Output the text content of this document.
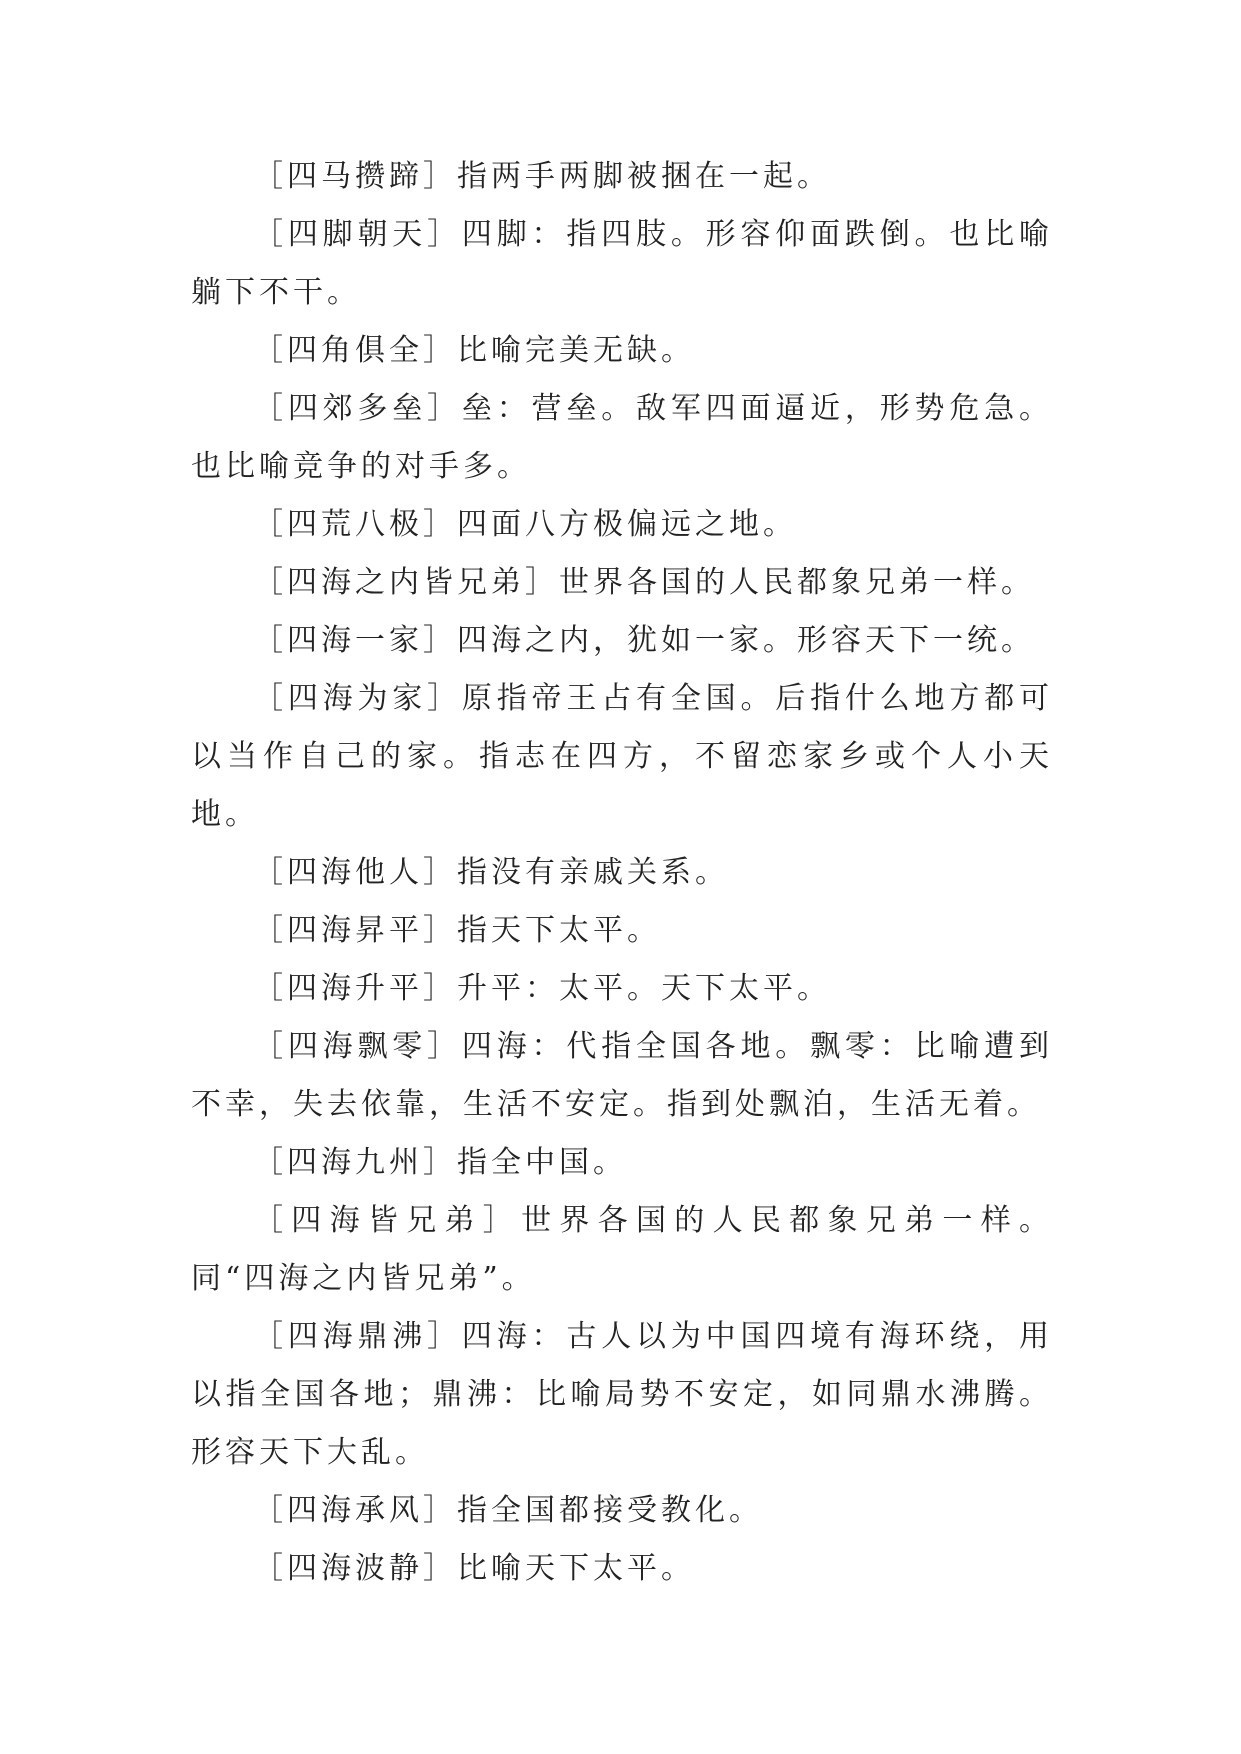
［四马攒蹄］指两手两脚被捆在一起。

［四脚朝天］四脚：指四肢。形容仰面跌倒。也比喻躺下不干。

［四角俱全］比喻完美无缺。

［四郊多垒］垒：营垒。敌军四面逼近，形势危急。也比喻竞争的对手多。

［四荒八极］四面八方极偏远之地。

［四海之内皆兄弟］世界各国的人民都象兄弟一样。

［四海一家］四海之内，犹如一家。形容天下一统。

［四海为家］原指帝王占有全国。后指什么地方都可以当作自己的家。指志在四方，不留恋家乡或个人小天地。

［四海他人］指没有亲戚关系。

［四海昇平］指天下太平。

［四海升平］升平：太平。天下太平。

［四海飘零］四海：代指全国各地。飘零：比喻遭到不幸，失去依靠，生活不安定。指到处飘泊，生活无着。

［四海九州］指全中国。

［四海皆兄弟］世界各国的人民都象兄弟一样。同“四海之内皆兄弟”。

［四海鼎沸］四海：古人以为中国四境有海环绕，用以指全国各地；鼎沸：比喻局势不安定，如同鼎水沸腾。形容天下大乱。

［四海承风］指全国都接受教化。

［四海波静］比喻天下太平。
